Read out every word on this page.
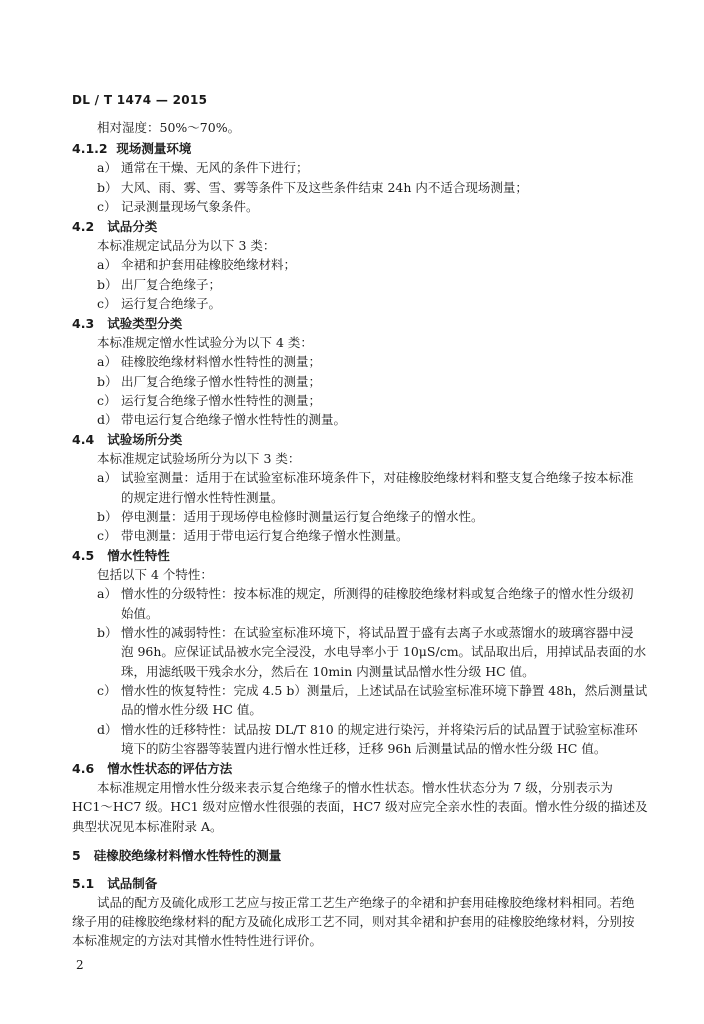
DL / T 1474 — 2015
相对湿度：50%～70%。
4.1.2 现场测量环境
a） 通常在干燥、无风的条件下进行；
b） 大风、雨、雾、雪、雾等条件下及这些条件结束 24h 内不适合现场测量；
c） 记录测量现场气象条件。
4.2 试品分类
本标准规定试品分为以下 3 类：
a） 伞裙和护套用硅橡胶绝缘材料；
b） 出厂复合绝缘子；
c） 运行复合绝缘子。
4.3 试验类型分类
本标准规定憎水性试验分为以下 4 类：
a） 硅橡胶绝缘材料憎水性特性的测量；
b） 出厂复合绝缘子憎水性特性的测量；
c） 运行复合绝缘子憎水性特性的测量；
d） 带电运行复合绝缘子憎水性特性的测量。
4.4 试验场所分类
本标准规定试验场所分为以下 3 类：
a） 试验室测量：适用于在试验室标准环境条件下，对硅橡胶绝缘材料和整支复合绝缘子按本标准
的规定进行憎水性特性测量。
b） 停电测量：适用于现场停电检修时测量运行复合绝缘子的憎水性。
c） 带电测量：适用于带电运行复合绝缘子憎水性测量。
4.5 憎水性特性
包括以下 4 个特性：
a） 憎水性的分级特性：按本标准的规定，所测得的硅橡胶绝缘材料或复合绝缘子的憎水性分级初
始值。
b） 憎水性的减弱特性：在试验室标准环境下，将试品置于盛有去离子水或蒸馏水的玻璃容器中浸
泡 96h。应保证试品被水完全浸没，水电导率小于 10μS/cm。试品取出后，用掉试品表面的水
珠，用滤纸吸干残余水分，然后在 10min 内测量试品憎水性分级 HC 值。
c） 憎水性的恢复特性：完成 4.5 b）测量后，上述试品在试验室标准环境下静置 48h，然后测量试
品的憎水性分级 HC 值。
d） 憎水性的迁移特性：试品按 DL/T 810 的规定进行染污，并将染污后的试品置于试验室标准环
境下的防尘容器等装置内进行憎水性迁移，迁移 96h 后测量试品的憎水性分级 HC 值。
4.6 憎水性状态的评估方法
本标准规定用憎水性分级来表示复合绝缘子的憎水性状态。憎水性状态分为 7 级，分别表示为
HC1～HC7 级。HC1 级对应憎水性很强的表面，HC7 级对应完全亲水性的表面。憎水性分级的描述及
典型状况见本标准附录 A。
5 硅橡胶绝缘材料憎水性特性的测量
5.1 试品制备
试品的配方及硫化成形工艺应与按正常工艺生产绝缘子的伞裙和护套用硅橡胶绝缘材料相同。若绝
缘子用的硅橡胶绝缘材料的配方及硫化成形工艺不同，则对其伞裙和护套用的硅橡胶绝缘材料，分别按
本标准规定的方法对其憎水性特性进行评价。
2
